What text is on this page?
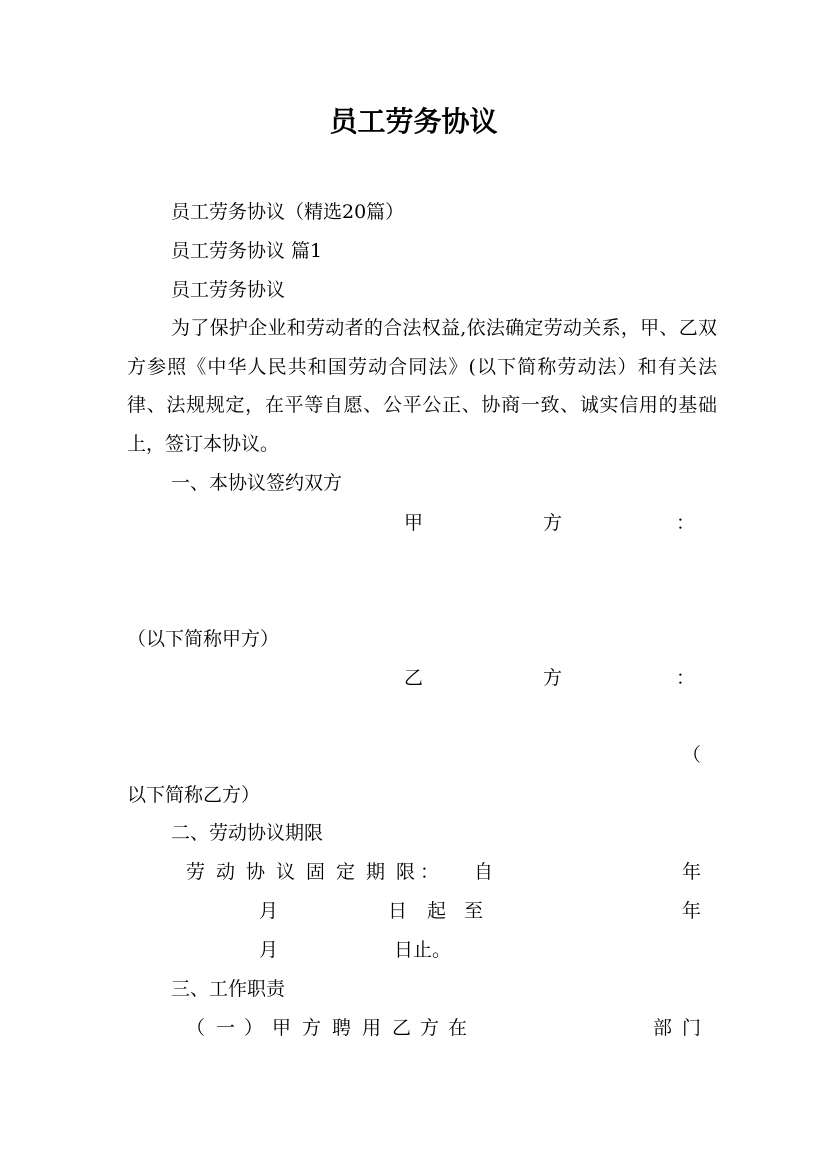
员工劳务协议
员工劳务协议（精选20篇）
员工劳务协议 篇1
员工劳务协议
为了保护企业和劳动者的合法权益,依法确定劳动关系，甲、乙双方参照《中华人民共和国劳动合同法》(以下简称劳动法）和有关法律、法规规定，在平等自愿、公平公正、协商一致、诚实信用的基础上，签订本协议。
一、本协议签约双方
甲	方	：
（以下简称甲方）
乙	方	：
（
以下简称乙方）
二、劳动协议期限
劳 动 协 议 固 定 期 限 ： 自	年
月	日 起 至	年
月	日止。
三、工作职责
（ 一 ） 甲 方 聘 用 乙 方 在	部 门
